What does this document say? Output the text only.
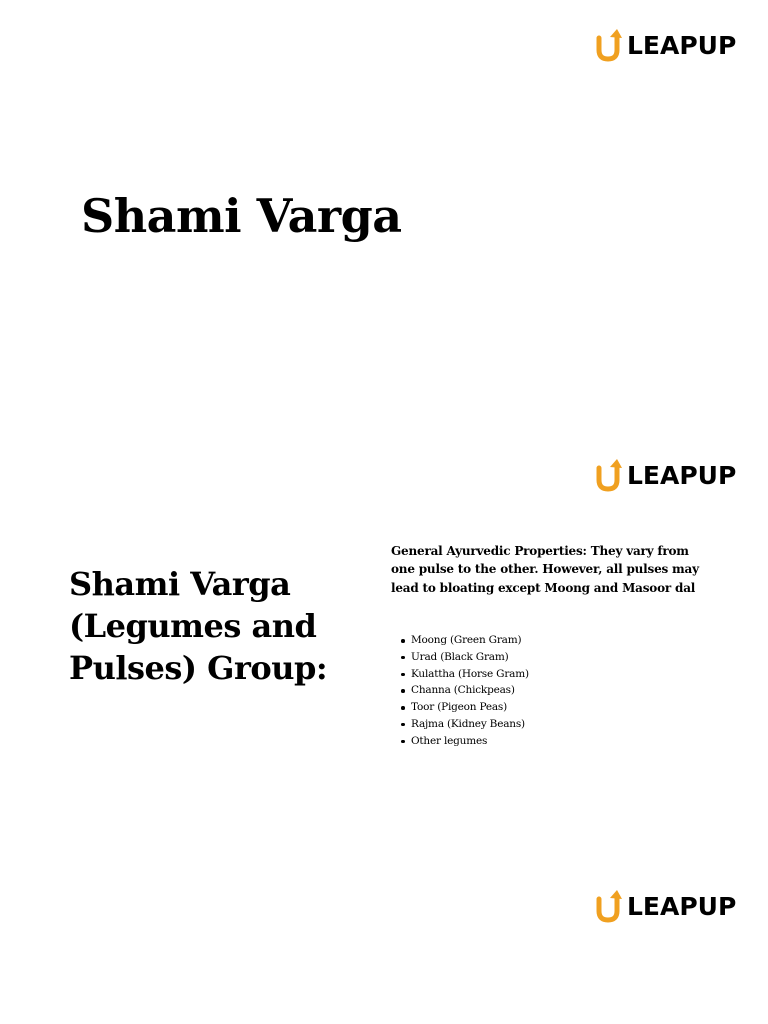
LEAPUP
Shami Varga
LEAPUP
Shami Varga (Legumes and Pulses) Group:

General Ayurvedic Properties: They vary from one pulse to the other. However, all pulses may lead to bloating except Moong and Masoor dal

Moong (Green Gram)
Urad (Black Gram)
Kulattha (Horse Gram)
Channa (Chickpeas)
Toor (Pigeon Peas)
Rajma (Kidney Beans)
Other legumes
LEAPUP
